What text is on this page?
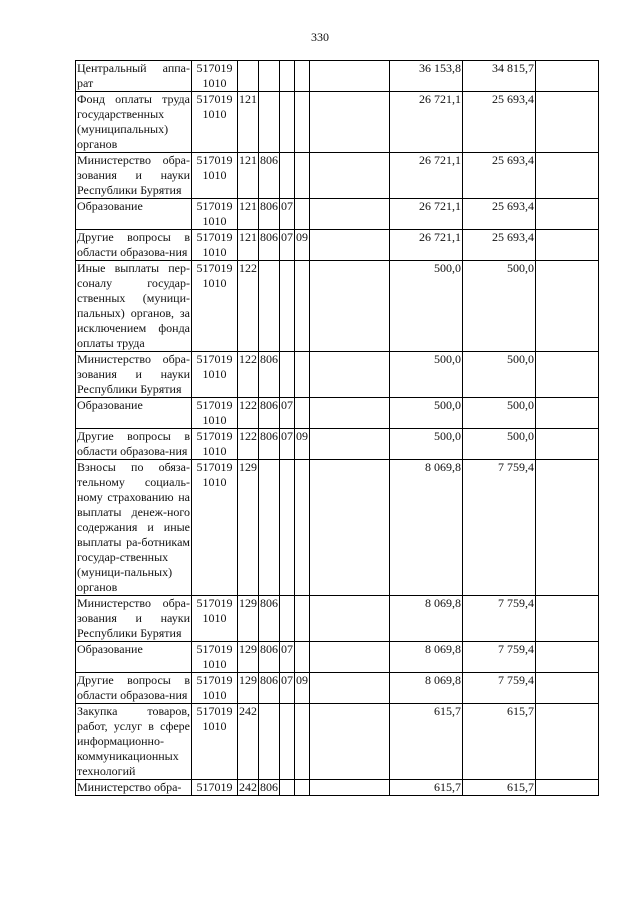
330
Центральный аппа-рат	517019 1010						36 153,8	34 815,7	
Фонд оплаты труда государственных (муниципальных) органов	517019 1010	121					26 721,1	25 693,4	
Министерство обра-зования и науки Республики Бурятия	517019 1010	121	806				26 721,1	25 693,4	
Образование	517019 1010	121	806	07			26 721,1	25 693,4	
Другие вопросы в области образова-ния	517019 1010	121	806	07	09		26 721,1	25 693,4	
Иные выплаты пер-соналу государ-ственных (муници-пальных) органов, за исключением фонда оплаты труда	517019 1010	122					500,0	500,0	
Министерство обра-зования и науки Республики Бурятия	517019 1010	122	806				500,0	500,0	
Образование	517019 1010	122	806	07			500,0	500,0	
Другие вопросы в области образова-ния	517019 1010	122	806	07	09		500,0	500,0	
Взносы по обяза-тельному социаль-ному страхованию на выплаты денеж-ного содержания и иные выплаты ра-ботникам государ-ственных (муници-пальных) органов	517019 1010	129					8 069,8	7 759,4	
Министерство обра-зования и науки Республики Бурятия	517019 1010	129	806				8 069,8	7 759,4	
Образование	517019 1010	129	806	07			8 069,8	7 759,4	
Другие вопросы в области образова-ния	517019 1010	129	806	07	09		8 069,8	7 759,4	
Закупка товаров, работ, услуг в сфере информационно-коммуникационных технологий	517019 1010	242					615,7	615,7	
Министерство обра-	517019	242	806				615,7	615,7	
